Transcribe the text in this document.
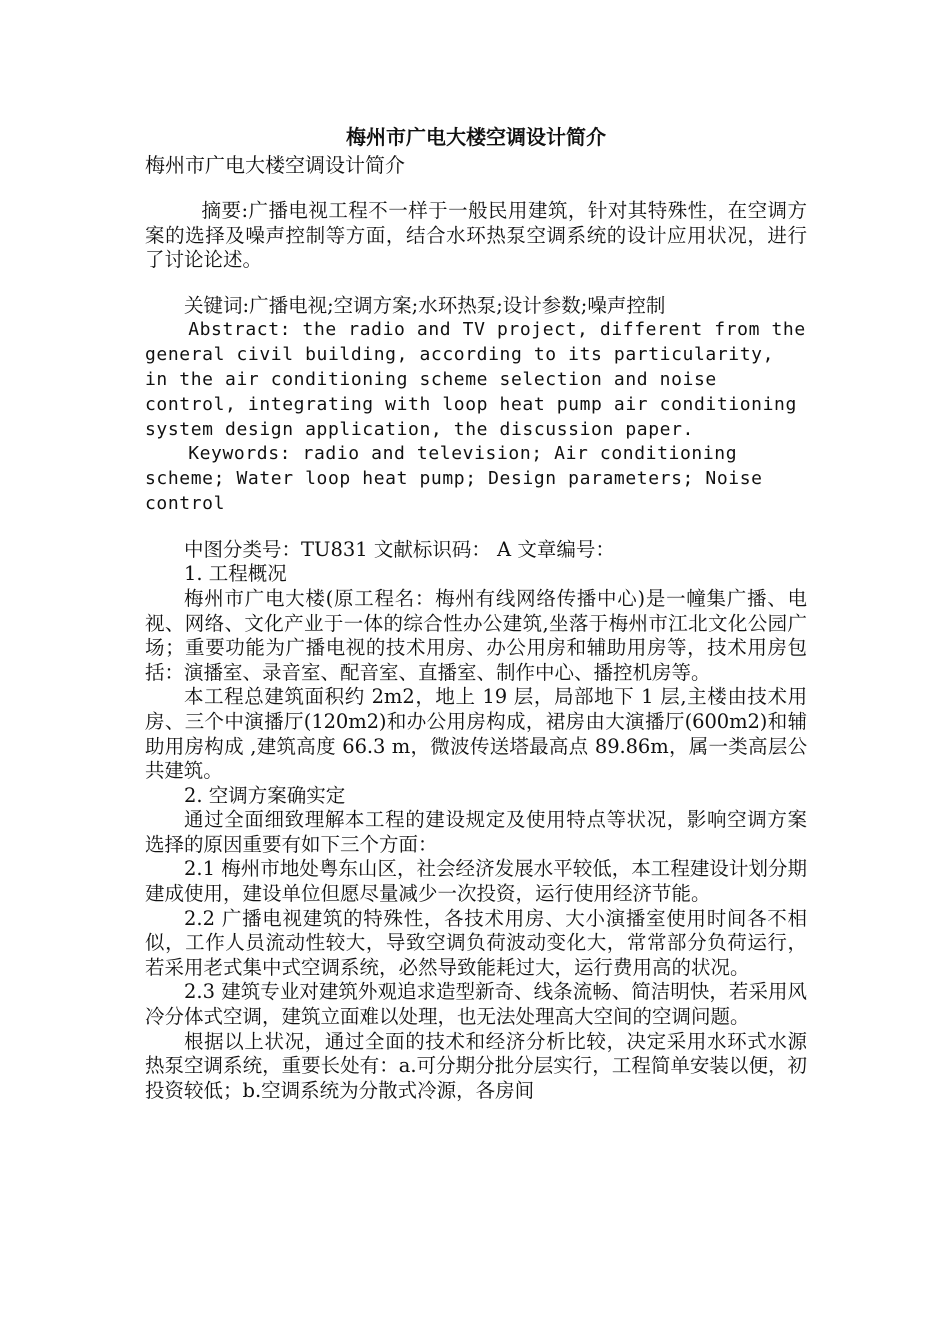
梅州市广电大楼空调设计简介
梅州市广电大楼空调设计简介

摘要:广播电视工程不一样于一般民用建筑，针对其特殊性，在空调方案的选择及噪声控制等方面，结合水环热泵空调系统的设计应用状况，进行了讨论论述。

关键词:广播电视;空调方案;水环热泵;设计参数;噪声控制

Abstract: the radio and TV project, different from the general civil building, according to its particularity, in the air conditioning scheme selection and noise control, integrating with loop heat pump air conditioning system design application, the discussion paper.

Keywords: radio and television; Air conditioning scheme; Water loop heat pump; Design parameters; Noise control

中图分类号：TU831 文献标识码： A 文章编号：

1. 工程概况

梅州市广电大楼(原工程名：梅州有线网络传播中心)是一幢集广播、电视、网络、文化产业于一体的综合性办公建筑,坐落于梅州市江北文化公园广场；重要功能为广播电视的技术用房、办公用房和辅助用房等，技术用房包括：演播室、录音室、配音室、直播室、制作中心、播控机房等。

本工程总建筑面积约 2m2，地上 19 层，局部地下 1 层,主楼由技术用房、三个中演播厅(120m2)和办公用房构成，裙房由大演播厅(600m2)和辅助用房构成 ,建筑高度 66.3 m，微波传送塔最高点 89.86m，属一类高层公共建筑。

2. 空调方案确实定

通过全面细致理解本工程的建设规定及使用特点等状况，影响空调方案选择的原因重要有如下三个方面：

2.1 梅州市地处粤东山区，社会经济发展水平较低，本工程建设计划分期建成使用，建设单位但愿尽量减少一次投资，运行使用经济节能。

2.2 广播电视建筑的特殊性，各技术用房、大小演播室使用时间各不相似，工作人员流动性较大，导致空调负荷波动变化大，常常部分负荷运行，若采用老式集中式空调系统，必然导致能耗过大，运行费用高的状况。

2.3 建筑专业对建筑外观追求造型新奇、线条流畅、简洁明快，若采用风冷分体式空调，建筑立面难以处理，也无法处理高大空间的空调问题。

根据以上状况，通过全面的技术和经济分析比较，决定采用水环式水源热泵空调系统，重要长处有：a.可分期分批分层实行，工程简单安装以便，初投资较低；b.空调系统为分散式冷源，各房间
